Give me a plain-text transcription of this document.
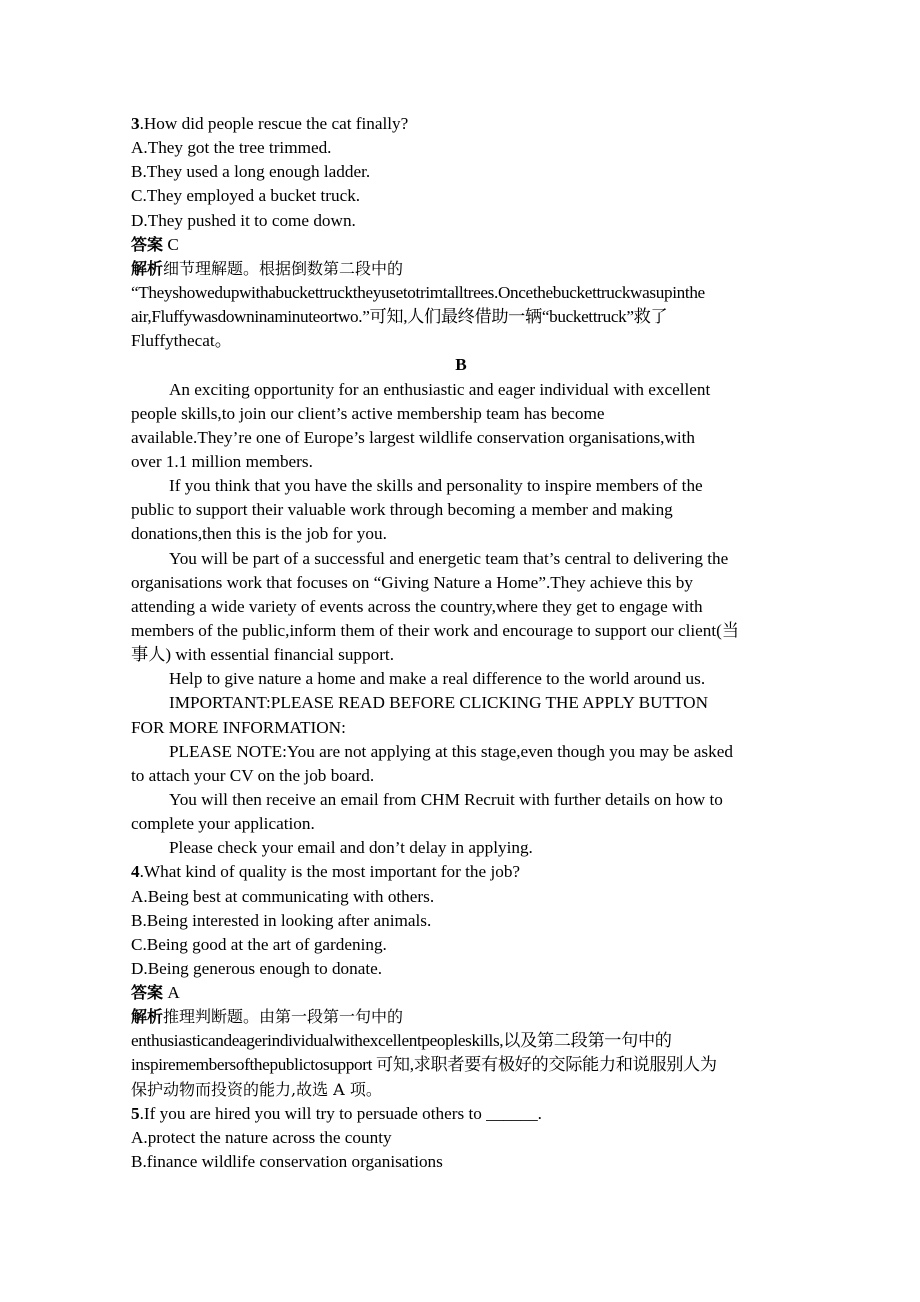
3.How did people rescue the cat finally?
A.They got the tree trimmed.
B.They used a long enough ladder.
C.They employed a bucket truck.
D.They pushed it to come down.
答案 C
解析细节理解题。根据倒数第二段中的
“Theyshowedupwithabuckettrucktheyusetotrimtalltrees.Oncethebuckettruckwasupinthe
air,Fluffywasdowninaminuteortwo.”可知,人们最终借助一辆“buckettruck”救了
Fluffythecat。
B
An exciting opportunity for an enthusiastic and eager individual with excellent
people skills,to join our client’s active membership team has become
available.They’re one of Europe’s largest wildlife conservation organisations,with
over 1.1 million members.
If you think that you have the skills and personality to inspire members of the
public to support their valuable work through becoming a member and making
donations,then this is the job for you.
You will be part of a successful and energetic team that’s central to delivering the
organisations work that focuses on “Giving Nature a Home”.They achieve this by
attending a wide variety of events across the country,where they get to engage with
members of the public,inform them of their work and encourage to support our client(当
事人) with essential financial support.
Help to give nature a home and make a real difference to the world around us.
IMPORTANT:PLEASE READ BEFORE CLICKING THE APPLY BUTTON
FOR MORE INFORMATION:
PLEASE NOTE:You are not applying at this stage,even though you may be asked
to attach your CV on the job board.
You will then receive an email from CHM Recruit with further details on how to
complete your application.
Please check your email and don’t delay in applying.
4.What kind of quality is the most important for the job?
A.Being best at communicating with others.
B.Being interested in looking after animals.
C.Being good at the art of gardening.
D.Being generous enough to donate.
答案 A
解析推理判断题。由第一段第一句中的
enthusiasticandeagerindividualwithexcellentpeopleskills,以及第二段第一句中的
inspiremembersofthepublictosupport 可知,求职者要有极好的交际能力和说服别人为
保护动物而投资的能力,故选 A 项。
5.If you are hired you will try to persuade others to ______.
A.protect the nature across the county
B.finance wildlife conservation organisations
